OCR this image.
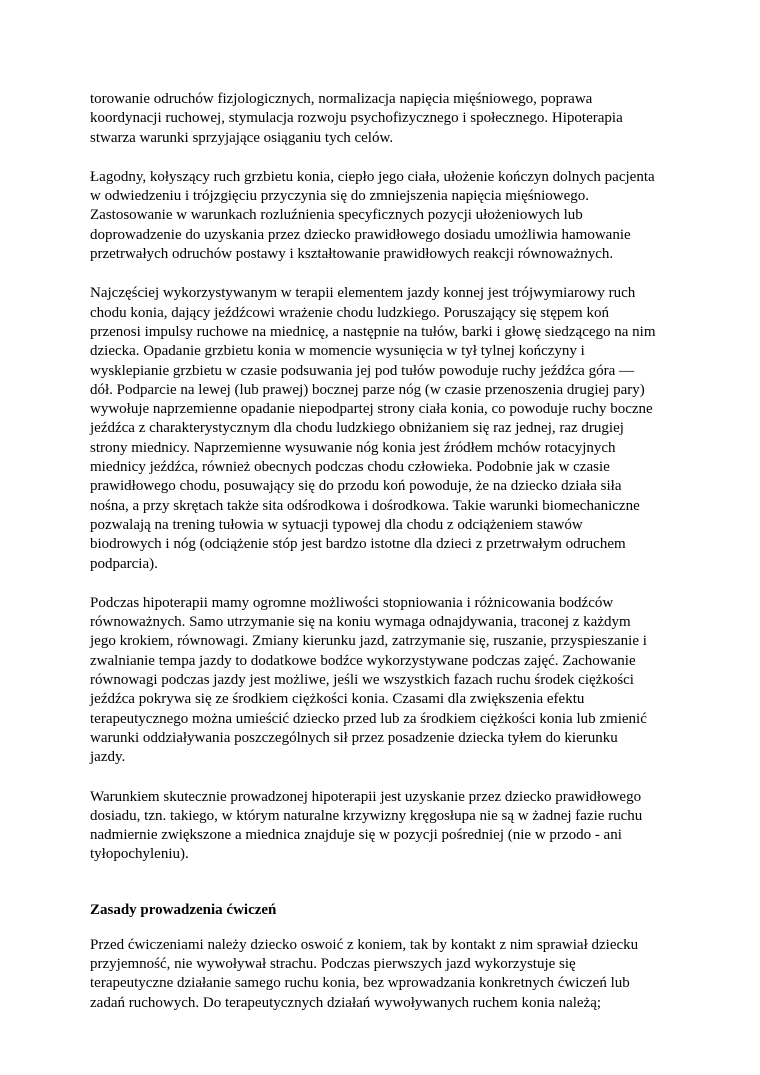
torowanie odruchów fizjologicznych, normalizacja napięcia mięśniowego, poprawa
koordynacji ruchowej, stymulacja rozwoju psychofizycznego i społecznego. Hipoterapia
stwarza warunki sprzyjające osiąganiu tych celów.

Łagodny, kołyszący ruch grzbietu konia, ciepło jego ciała, ułożenie kończyn dolnych pacjenta
w odwiedzeniu i trójzgięciu przyczynia się do zmniejszenia napięcia mięśniowego.
Zastosowanie w warunkach rozluźnienia specyficznych pozycji ułożeniowych lub
doprowadzenie do uzyskania przez dziecko prawidłowego dosiadu umożliwia hamowanie
przetrwałych odruchów postawy i kształtowanie prawidłowych reakcji równoważnych.

Najczęściej wykorzystywanym w terapii elementem jazdy konnej jest trójwymiarowy ruch
chodu konia, dający jeźdźcowi wrażenie chodu ludzkiego. Poruszający się stępem koń
przenosi impulsy ruchowe na miednicę, a następnie na tułów, barki i głowę siedzącego na nim
dziecka. Opadanie grzbietu konia w momencie wysunięcia w tył tylnej kończyny i
wysklepianie grzbietu w czasie podsuwania jej pod tułów powoduje ruchy jeźdźca góra —
dół. Podparcie na lewej (lub prawej) bocznej parze nóg (w czasie przenoszenia drugiej pary)
wywołuje naprzemienne opadanie niepodpartej strony ciała konia, co powoduje ruchy boczne
jeźdźca z charakterystycznym dla chodu ludzkiego obniżaniem się raz jednej, raz drugiej
strony miednicy. Naprzemienne wysuwanie nóg konia jest źródłem mchów rotacyjnych
miednicy jeźdźca, również obecnych podczas chodu człowieka. Podobnie jak w czasie
prawidłowego chodu, posuwający się do przodu koń powoduje, że na dziecko działa siła
nośna, a przy skrętach także sita odśrodkowa i dośrodkowa. Takie warunki biomechaniczne
pozwalają na trening tułowia w sytuacji typowej dla chodu z odciążeniem stawów
biodrowych i nóg (odciążenie stóp jest bardzo istotne dla dzieci z przetrwałym odruchem
podparcia).

Podczas hipoterapii mamy ogromne możliwości stopniowania i różnicowania bodźców
równoważnych. Samo utrzymanie się na koniu wymaga odnajdywania, traconej z każdym
jego krokiem, równowagi. Zmiany kierunku jazd, zatrzymanie się, ruszanie, przyspieszanie i
zwalnianie tempa jazdy to dodatkowe bodźce wykorzystywane podczas zajęć. Zachowanie
równowagi podczas jazdy jest możliwe, jeśli we wszystkich fazach ruchu środek ciężkości
jeźdźca pokrywa się ze środkiem ciężkości konia. Czasami dla zwiększenia efektu
terapeutycznego można umieścić dziecko przed lub za środkiem ciężkości konia lub zmienić
warunki oddziaływania poszczególnych sił przez posadzenie dziecka tyłem do kierunku
jazdy.

Warunkiem skutecznie prowadzonej hipoterapii jest uzyskanie przez dziecko prawidłowego
dosiadu, tzn. takiego, w którym naturalne krzywizny kręgosłupa nie są w żadnej fazie ruchu
nadmiernie zwiększone a miednica znajduje się w pozycji pośredniej (nie w przodo - ani
tyłopochyleniu).

Zasady prowadzenia ćwiczeń

Przed ćwiczeniami należy dziecko oswoić z koniem, tak by kontakt z nim sprawiał dziecku
przyjemność, nie wywoływał strachu. Podczas pierwszych jazd wykorzystuje się
terapeutyczne działanie samego ruchu konia, bez wprowadzania konkretnych ćwiczeń lub
zadań ruchowych. Do terapeutycznych działań wywoływanych ruchem konia należą;
